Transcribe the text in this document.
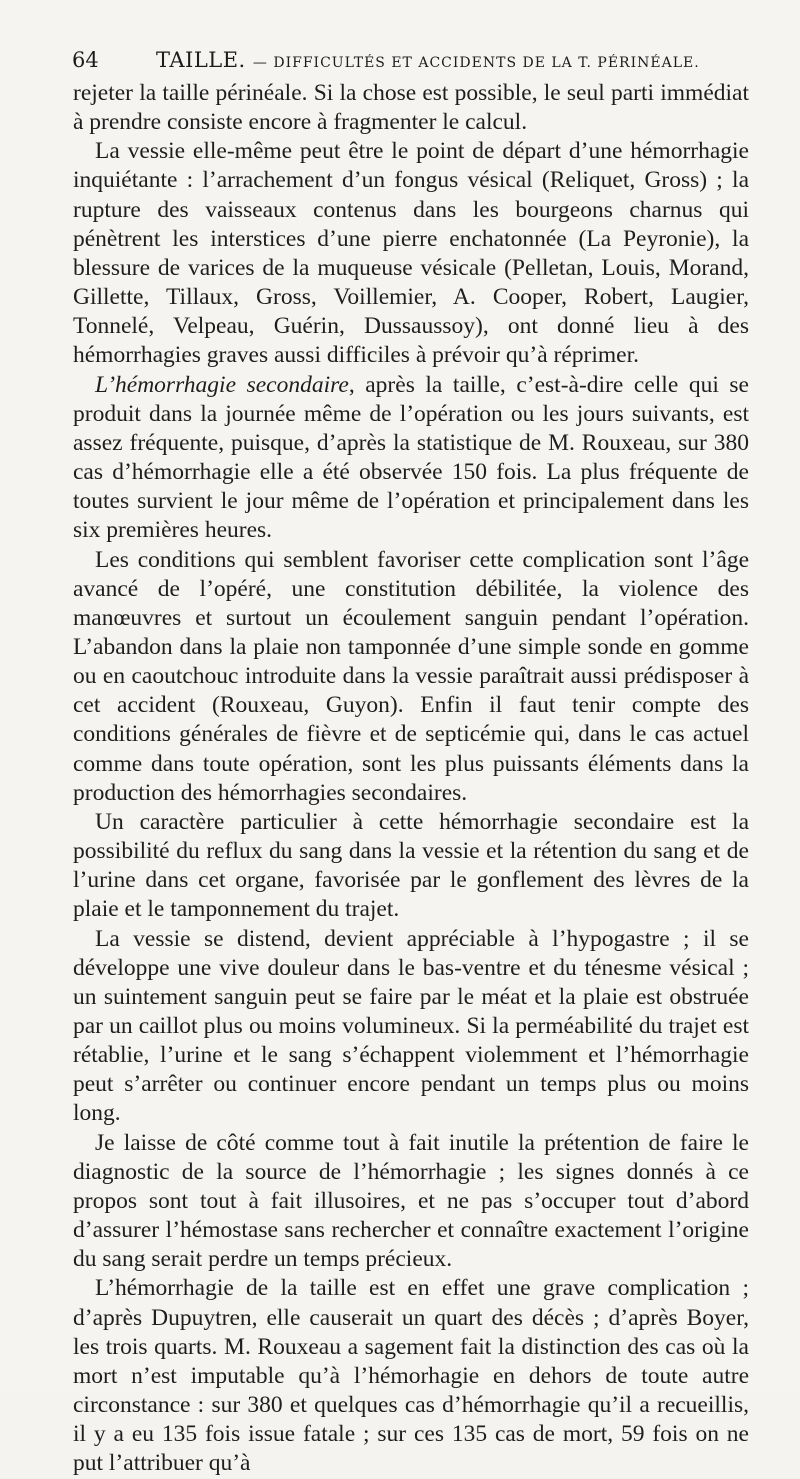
64	TAILLE. — DIFFICULTÉS ET ACCIDENTS DE LA T. PÉRINÉALE.

rejeter la taille périnéale. Si la chose est possible, le seul parti immédiat à prendre consiste encore à fragmenter le calcul.

La vessie elle-même peut être le point de départ d’une hémorrhagie inquiétante : l’arrachement d’un fongus vésical (Reliquet, Gross) ; la rupture des vaisseaux contenus dans les bourgeons charnus qui pénètrent les interstices d’une pierre enchatonnée (La Peyronie), la blessure de varices de la muqueuse vésicale (Pelletan, Louis, Morand, Gillette, Tillaux, Gross, Voillemier, A. Cooper, Robert, Laugier, Tonnelé, Velpeau, Guérin, Dussaussoy), ont donné lieu à des hémorrhagies graves aussi difficiles à prévoir qu’à réprimer.

L’hémorrhagie secondaire, après la taille, c’est-à-dire celle qui se produit dans la journée même de l’opération ou les jours suivants, est assez fréquente, puisque, d’après la statistique de M. Rouxeau, sur 380 cas d’hémorrhagie elle a été observée 150 fois. La plus fréquente de toutes survient le jour même de l’opération et principalement dans les six premières heures.

Les conditions qui semblent favoriser cette complication sont l’âge avancé de l’opéré, une constitution débilitée, la violence des manœuvres et surtout un écoulement sanguin pendant l’opération. L’abandon dans la plaie non tamponnée d’une simple sonde en gomme ou en caoutchouc introduite dans la vessie paraîtrait aussi prédisposer à cet accident (Rouxeau, Guyon). Enfin il faut tenir compte des conditions générales de fièvre et de septicémie qui, dans le cas actuel comme dans toute opération, sont les plus puissants éléments dans la production des hémorrhagies secondaires.

Un caractère particulier à cette hémorrhagie secondaire est la possibilité du reflux du sang dans la vessie et la rétention du sang et de l’urine dans cet organe, favorisée par le gonflement des lèvres de la plaie et le tamponnement du trajet.

La vessie se distend, devient appréciable à l’hypogastre ; il se développe une vive douleur dans le bas-ventre et du ténesme vésical ; un suintement sanguin peut se faire par le méat et la plaie est obstruée par un caillot plus ou moins volumineux. Si la perméabilité du trajet est rétablie, l’urine et le sang s’échappent violemment et l’hémorrhagie peut s’arrêter ou continuer encore pendant un temps plus ou moins long.

Je laisse de côté comme tout à fait inutile la prétention de faire le diagnostic de la source de l’hémorrhagie ; les signes donnés à ce propos sont tout à fait illusoires, et ne pas s’occuper tout d’abord d’assurer l’hémostase sans rechercher et connaître exactement l’origine du sang serait perdre un temps précieux.

L’hémorrhagie de la taille est en effet une grave complication ; d’après Dupuytren, elle causerait un quart des décès ; d’après Boyer, les trois quarts. M. Rouxeau a sagement fait la distinction des cas où la mort n’est imputable qu’à l’hémorhagie en dehors de toute autre circonstance : sur 380 et quelques cas d’hémorrhagie qu’il a recueillis, il y a eu 135 fois issue fatale ; sur ces 135 cas de mort, 59 fois on ne put l’attribuer qu’à
